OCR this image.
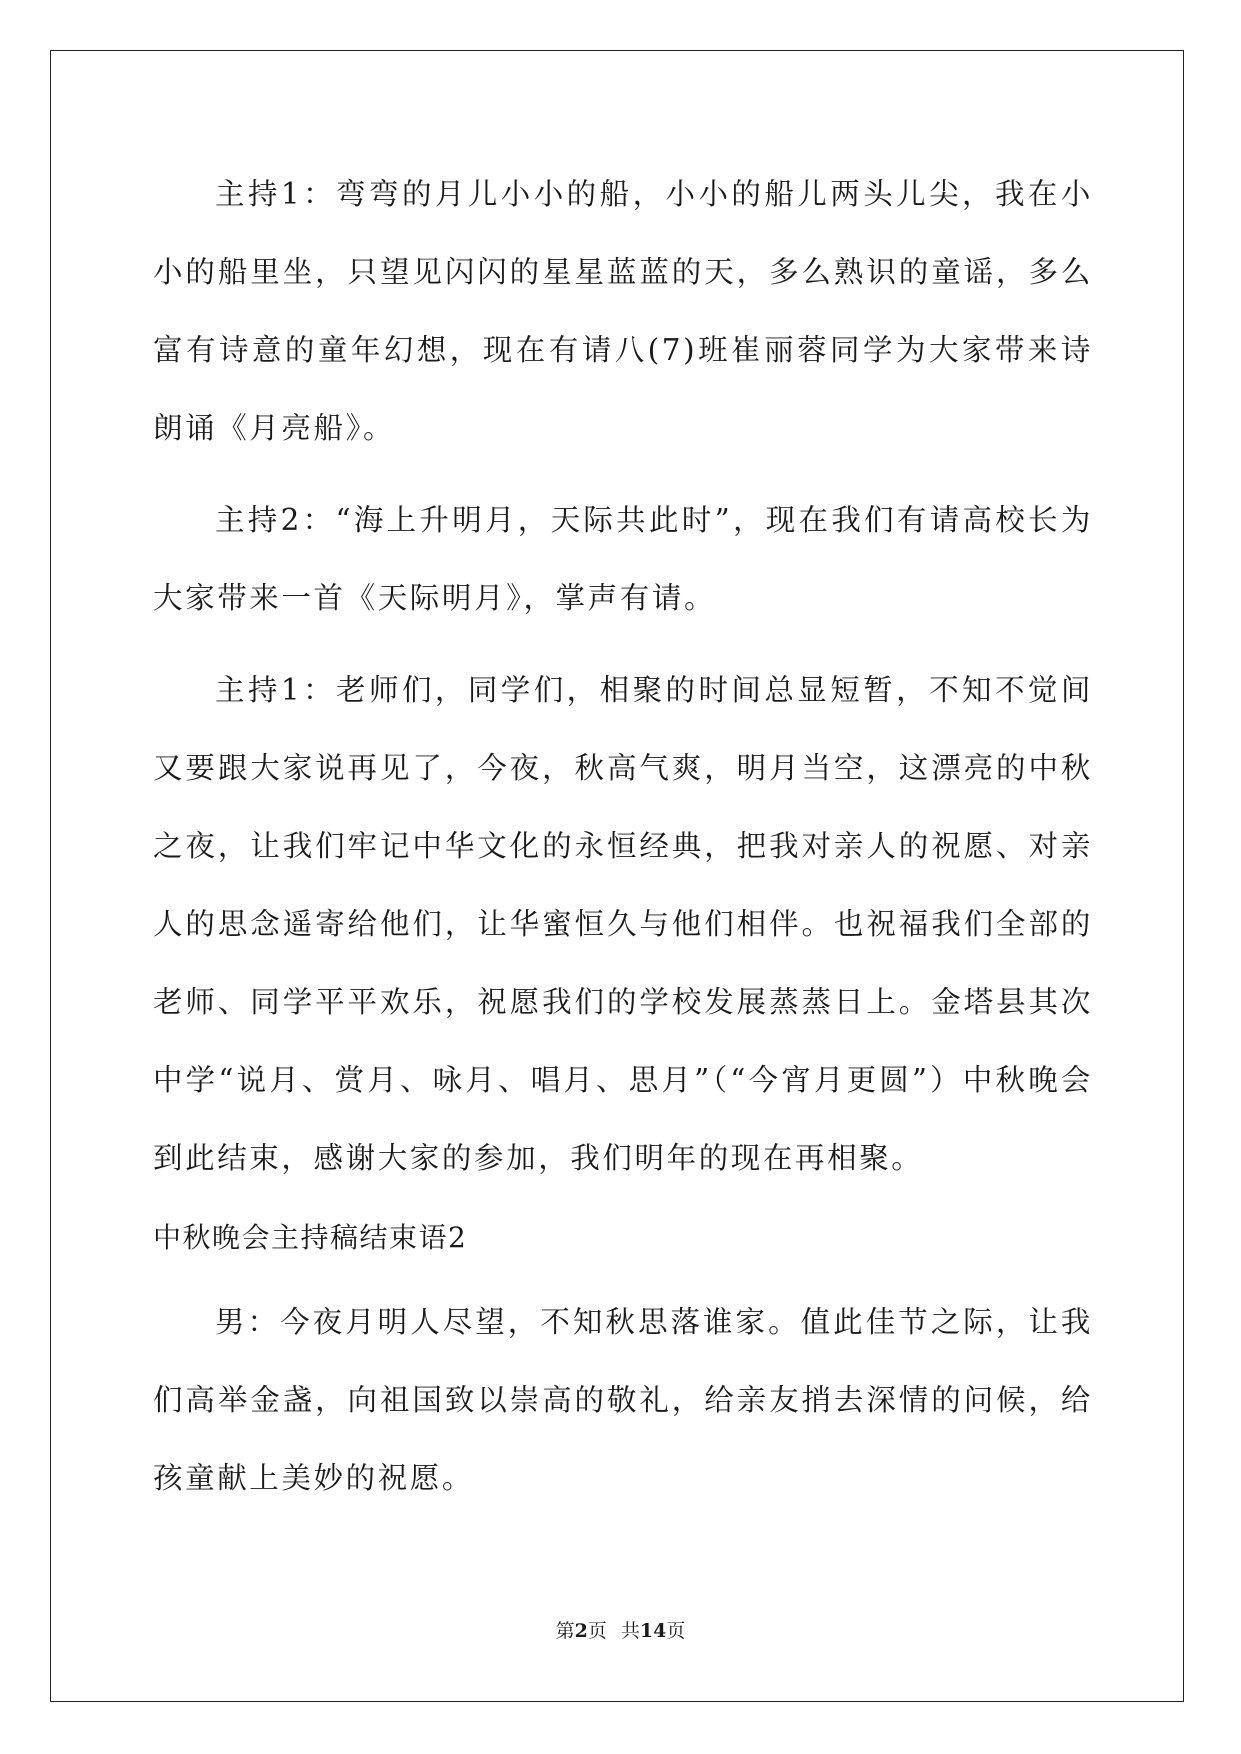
主持1：弯弯的月儿小小的船，小小的船儿两头儿尖，我在小小的船里坐，只望见闪闪的星星蓝蓝的天，多么熟识的童谣，多么富有诗意的童年幻想，现在有请八(7)班崔丽蓉同学为大家带来诗朗诵《月亮船》。

主持2：“海上升明月，天际共此时”，现在我们有请高校长为大家带来一首《天际明月》，掌声有请。

主持1：老师们，同学们，相聚的时间总显短暂，不知不觉间又要跟大家说再见了，今夜，秋高气爽，明月当空，这漂亮的中秋之夜，让我们牢记中华文化的永恒经典，把我对亲人的祝愿、对亲人的思念遥寄给他们，让华蜜恒久与他们相伴。也祝福我们全部的老师、同学平平欢乐，祝愿我们的学校发展蒸蒸日上。金塔县其次中学“说月、赏月、咏月、唱月、思月”（“今宵月更圆”）中秋晚会到此结束，感谢大家的参加，我们明年的现在再相聚。

中秋晚会主持稿结束语2

男：今夜月明人尽望，不知秋思落谁家。值此佳节之际，让我们高举金盏，向祖国致以崇高的敬礼，给亲友捎去深情的问候，给孩童献上美妙的祝愿。

第2页 共14页
